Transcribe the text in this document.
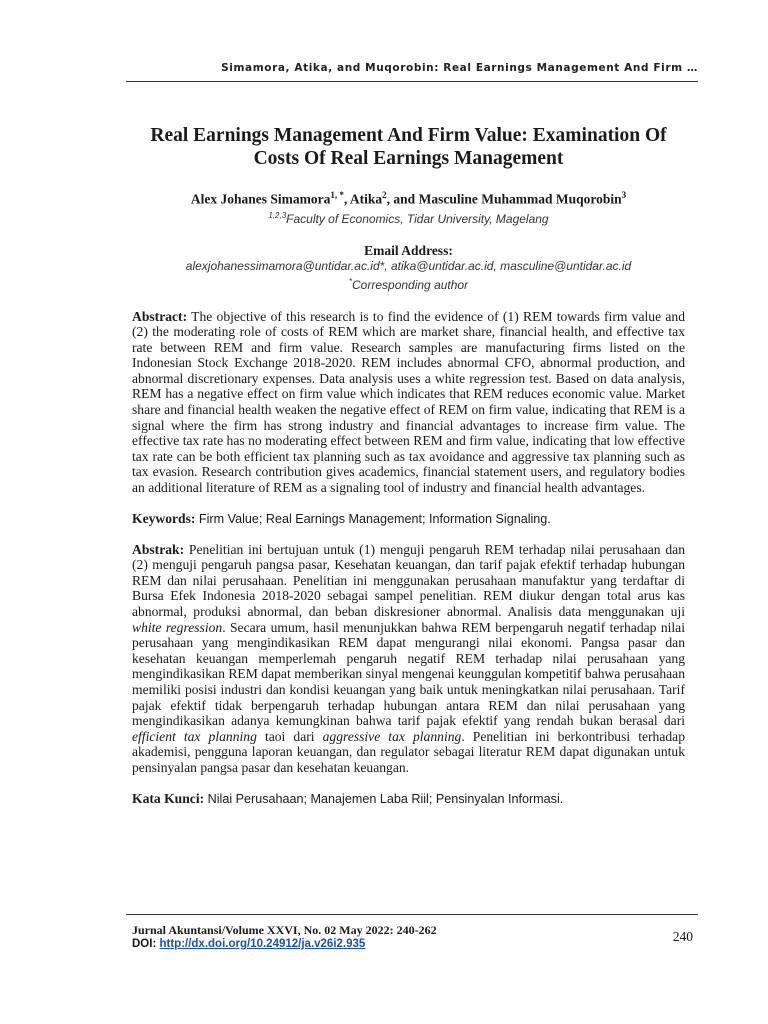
Simamora, Atika, and Muqorobin: Real Earnings Management And Firm …
Real Earnings Management And Firm Value: Examination Of
Costs Of Real Earnings Management
Alex Johanes Simamora$^{1, *}$, Atika$^2$, and Masculine Muhammad Muqorobin$^3$
$^{1,2,3}$Faculty of Economics, Tidar University, Magelang
Email Address:
alexjohanessimamora@untidar.ac.id*, atika@untidar.ac.id, masculine@untidar.ac.id
*Corresponding author

Abstract: The objective of this research is to find the evidence of (1) REM towards firm value and (2) the moderating role of costs of REM which are market share, financial health, and effective tax rate between REM and firm value. Research samples are manufacturing firms listed on the Indonesian Stock Exchange 2018-2020. REM includes abnormal CFO, abnormal production, and abnormal discretionary expenses. Data analysis uses a white regression test. Based on data analysis, REM has a negative effect on firm value which indicates that REM reduces economic value. Market share and financial health weaken the negative effect of REM on firm value, indicating that REM is a signal where the firm has strong industry and financial advantages to increase firm value. The effective tax rate has no moderating effect between REM and firm value, indicating that low effective tax rate can be both efficient tax planning such as tax avoidance and aggressive tax planning such as tax evasion. Research contribution gives academics, financial statement users, and regulatory bodies an additional literature of REM as a signaling tool of industry and financial health advantages.

Keywords: Firm Value; Real Earnings Management; Information Signaling.

Abstrak: Penelitian ini bertujuan untuk (1) menguji pengaruh REM terhadap nilai perusahaan dan (2) menguji pengaruh pangsa pasar, Kesehatan keuangan, dan tarif pajak efektif terhadap hubungan REM dan nilai perusahaan. Penelitian ini menggunakan perusahaan manufaktur yang terdaftar di Bursa Efek Indonesia 2018-2020 sebagai sampel penelitian. REM diukur dengan total arus kas abnormal, produksi abnormal, dan beban diskresioner abnormal. Analisis data menggunakan uji white regression. Secara umum, hasil menunjukkan bahwa REM berpengaruh negatif terhadap nilai perusahaan yang mengindikasikan REM dapat mengurangi nilai ekonomi. Pangsa pasar dan kesehatan keuangan memperlemah pengaruh negatif REM terhadap nilai perusahaan yang mengindikasikan REM dapat memberikan sinyal mengenai keunggulan kompetitif bahwa perusahaan memiliki posisi industri dan kondisi keuangan yang baik untuk meningkatkan nilai perusahaan. Tarif pajak efektif tidak berpengaruh terhadap hubungan antara REM dan nilai perusahaan yang mengindikasikan adanya kemungkinan bahwa tarif pajak efektif yang rendah bukan berasal dari efficient tax planning taoi dari aggressive tax planning. Penelitian ini berkontribusi terhadap akademisi, pengguna laporan keuangan, dan regulator sebagai literatur REM dapat digunakan untuk pensinyalan pangsa pasar dan kesehatan keuangan.

Kata Kunci: Nilai Perusahaan; Manajemen Laba Riil; Pensinyalan Informasi.
Jurnal Akuntansi/Volume XXVI, No. 02 May 2022: 240-262
DOI: http://dx.doi.org/10.24912/ja.v26i2.935	240
